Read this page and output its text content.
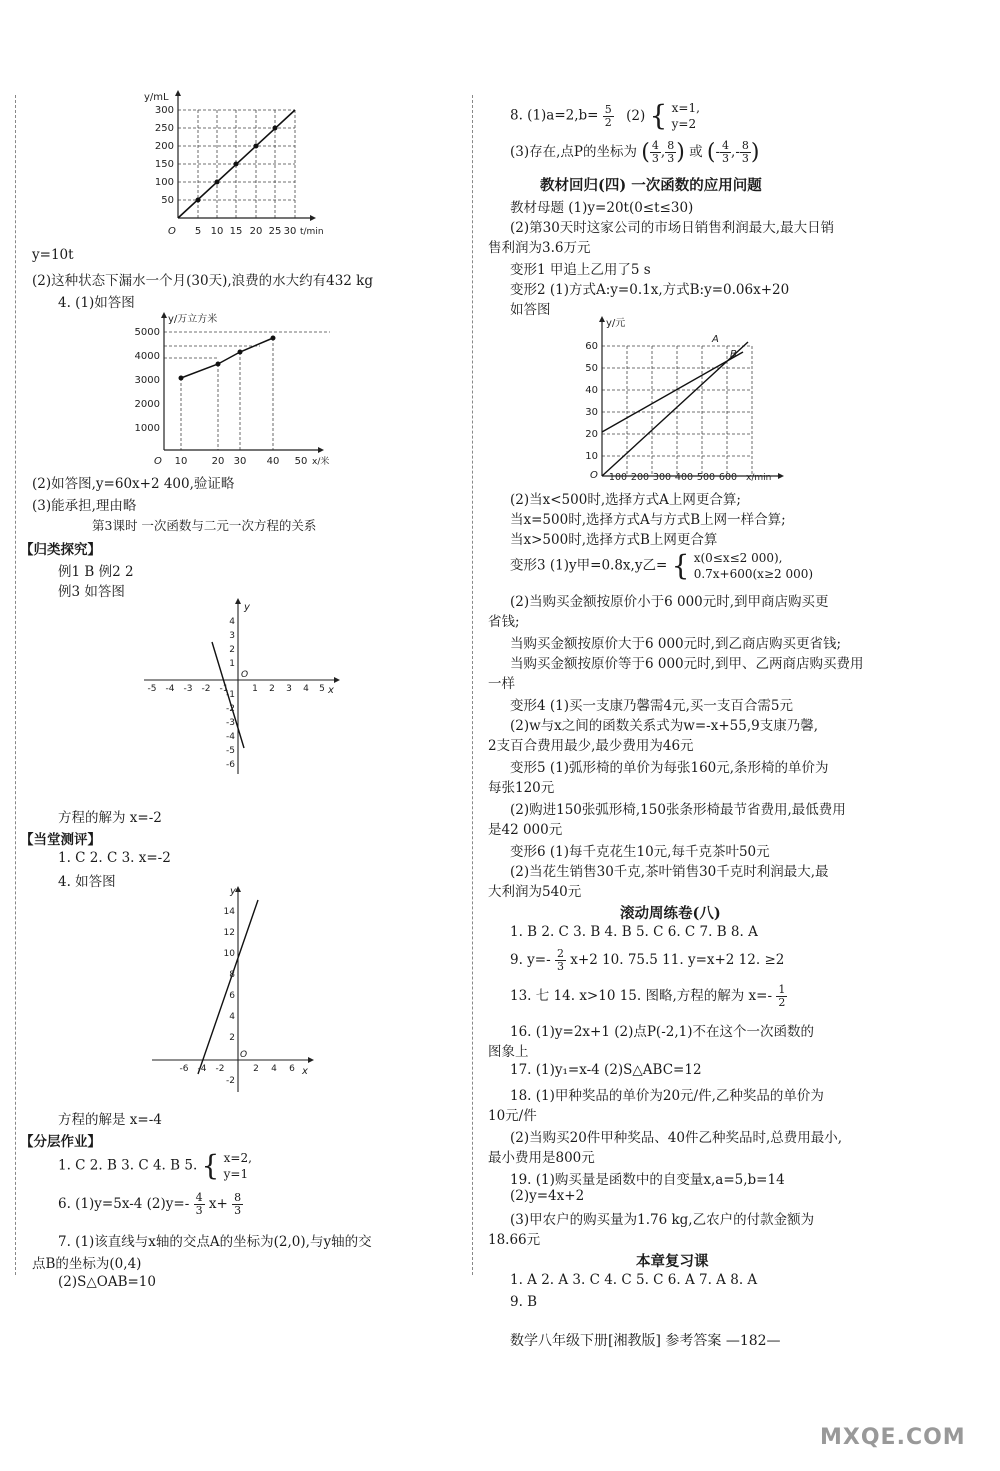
y/mL
t/min
O
300
250
200
150
100
50
5 10 15 20 25 30
y=10t
(2)这种状态下漏水一个月(30天),浪费的水大约有432 kg
4. (1)如答图
y/万立方米
x/米
O
5000
4000
3000
2000
1000
10 20 30 40 50
(2)如答图,y=60x+2 400,验证略
(3)能承担,理由略
第3课时 一次函数与二元一次方程的关系
【归类探究】
例1 B 例2 2
例3 如答图
y
x
O
4
3
2
1
-1
-2
-3
-4
-5
-6
-5 -4 -3 -2 -1	1 2 3 4 5
方程的解为 x=-2
【当堂测评】
1. C 2. C 3. x=-2
4. 如答图
y
x
O
14
12
10
8
6
4
2
-2
-6 -4 -2	2 4 6
方程的解是 x=-4
【分层作业】
1. C 2. B 3. C 4. B 5. { x=2,
y=1
6. (1)y=5x-4 $(2)y=- \frac{4}{3} x+ \frac{8}{3}$
7. (1)该直线与x轴的交点A的坐标为(2,0),与y轴的交
点B的坐标为(0,4)
(2)S△OAB=10
8. $(1)a=2,b= \frac{5}{2} (2)$ { x=1,
y=2
(3)存在,点P的坐标为 ( $\frac{4}{3}$ , $\frac{8}{3}$ ) 或 (- $\frac{4}{3}$ ,- $\frac{8}{3}$ )
教材回归(四) 一次函数的应用问题
教材母题 (1)y=20t(0≤t≤30)
(2)第30天时这家公司的市场日销售利润最大,最大日销
售利润为3.6万元
变形1 甲追上乙用了5 s
变形2 (1)方式A:y=0.1x,方式B:y=0.06x+20
如答图
y/元
x/min
O
A
B
60
50
40
30
20
10
100 200 300 400 500 600
(2)当x<500时,选择方式A上网更合算;
当x=500时,选择方式A与方式B上网一样合算;
当x>500时,选择方式B上网更合算
变形3 (1)y甲=0.8x,y乙= { x(0≤x≤2 000),
0.7x+600(x≥2 000)
(2)当购买金额按原价小于6 000元时,到甲商店购买更
省钱;
当购买金额按原价大于6 000元时,到乙商店购买更省钱;
当购买金额按原价等于6 000元时,到甲、乙两商店购买费用
一样
变形4 (1)买一支康乃馨需4元,买一支百合需5元
(2)w与x之间的函数关系式为w=-x+55,9支康乃馨,
2支百合费用最少,最少费用为46元
变形5 (1)弧形椅的单价为每张160元,条形椅的单价为
每张120元
(2)购进150张弧形椅,150张条形椅最节省费用,最低费用
是42 000元
变形6 (1)每千克花生10元,每千克茶叶50元
(2)当花生销售30千克,茶叶销售30千克时利润最大,最
大利润为540元
滚动周练卷(八)
1. B 2. C 3. B 4. B 5. C 6. C 7. B 8. A
9. $y=- \frac{2}{3} x+2$ 10. 75.5 11. y=x+2 12. ≥2
13. 七 14. x>10 15. 图略,方程的解为 $x=- \frac{1}{2}$
16. (1)y=2x+1 (2)点P(-2,1)不在这个一次函数的
图象上
17. (1)y₁=x-4 (2)S△ABC=12
18. (1)甲种奖品的单价为20元/件,乙种奖品的单价为
10元/件
(2)当购买20件甲种奖品、40件乙种奖品时,总费用最小,
最小费用是800元
19. (1)购买量是函数中的自变量x,a=5,b=14
(2)y=4x+2
(3)甲农户的购买量为1.76 kg,乙农户的付款金额为
18.66元
本章复习课
1. A 2. A 3. C 4. C 5. C 6. A 7. A 8. A
9. B
数学八年级下册[湘教版] 参考答案 —182—
MXQE.COM
